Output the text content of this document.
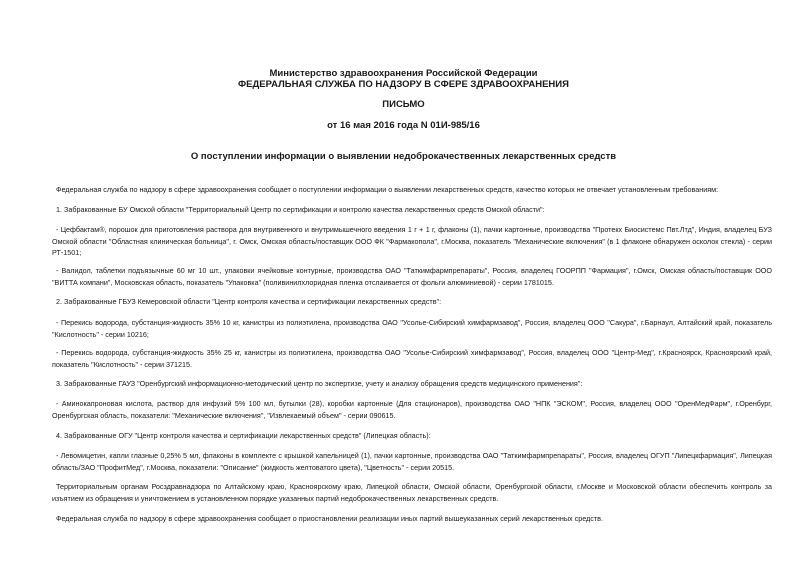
Министерство здравоохранения Российской Федерации
ФЕДЕРАЛЬНАЯ СЛУЖБА ПО НАДЗОРУ В СФЕРЕ ЗДРАВООХРАНЕНИЯ
ПИСЬМО
от 16 мая 2016 года N 01И-985/16
О поступлении информации о выявлении недоброкачественных лекарственных средств
Федеральная служба по надзору в сфере здравоохранения сообщает о поступлении информации о выявлении лекарственных средств, качество которых не отвечает установленным требованиям:
1. Забракованные БУ Омской области "Территориальный Центр по сертификации и контролю качества лекарственных средств Омской области":
- Цефбактам®, порошок для приготовления раствора для внутривенного и внутримышечного введения 1 г + 1 г, флаконы (1), пачки картонные, производства "Протекх Биосистемс Пвт.Лтд", Индия, владелец БУЗ Омской области "Областная клиническая больница", г. Омск, Омская область/поставщик ООО ФК "Фармакопола", г.Москва, показатель "Механические включения" (в 1 флаконе обнаружен осколок стекла) - серии РТ-1501;
- Валидол, таблетки подъязычные 60 мг 10 шт., упаковки ячейковые контурные, производства ОАО "Таткимфармпрепараты", Россия, владелец ГООРПП "Фармация", г.Омск, Омская область/поставщик ООО "ВИТТА компани", Московская область, показатель "Упаковка" (поливинилхлоридная пленка отслаивается от фольги алюминиевой) - серии 1781015.
2. Забракованные ГБУЗ Кемеровской области "Центр контроля качества и сертификации лекарственных средств":
- Перекись водорода, субстанция-жидкость 35% 10 кг, канистры из полиэтилена, производства ОАО "Усолье-Сибирский химфармзавод", Россия, владелец ООО "Сакура", г.Барнаул, Алтайский край, показатель "Кислотность" - серии 10216;
- Перекись водорода, субстанция-жидкость 35% 25 кг, канистры из полиэтилена, производства ОАО "Усолье-Сибирский химфармзавод", Россия, владелец ООО "Центр-Мед", г.Красноярск, Красноярский край, показатель "Кислотность" - серии 371215.
3. Забракованные ГАУЗ "Оренбургский информационно-методический центр по экспертизе, учету и анализу обращения средств медицинского применения":
- Аминокапроновая кислота, раствор для инфузий 5% 100 мл, бутылки (28), коробки картонные (Для стационаров), производства ОАО "НПК "ЭСКОМ", Россия, владелец ООО "ОренМедФарм", г.Оренбург, Оренбургская область, показатели: "Механические включения", "Извлекаемый объем" - серии 090615.
4. Забракованные ОГУ "Центр контроля качества и сертификации лекарственных средств" (Липецкая область):
- Левомицетин, капли глазные 0,25% 5 мл, флаконы в комплекте с крышкой капельницей (1), пачки картонные, производства ОАО "Таткимфармпрепараты", Россия, владелец ОГУП "Липецкфармация", Липецкая область/ЗАО "ПрофитМед", г.Москва, показатели: "Описание" (жидкость желтоватого цвета), "Цветность" - серии 20515.
Территориальным органам Росздравнадзора по Алтайскому краю, Красноярскому краю, Липецкой области, Омской области, Оренбургской области, г.Москве и Московской области обеспечить контроль за изъятием из обращения и уничтожением в установленном порядке указанных партий недоброкачественных лекарственных средств.
Федеральная служба по надзору в сфере здравоохранения сообщает о приостановлении реализации иных партий вышеуказанных серий лекарственных средств.
